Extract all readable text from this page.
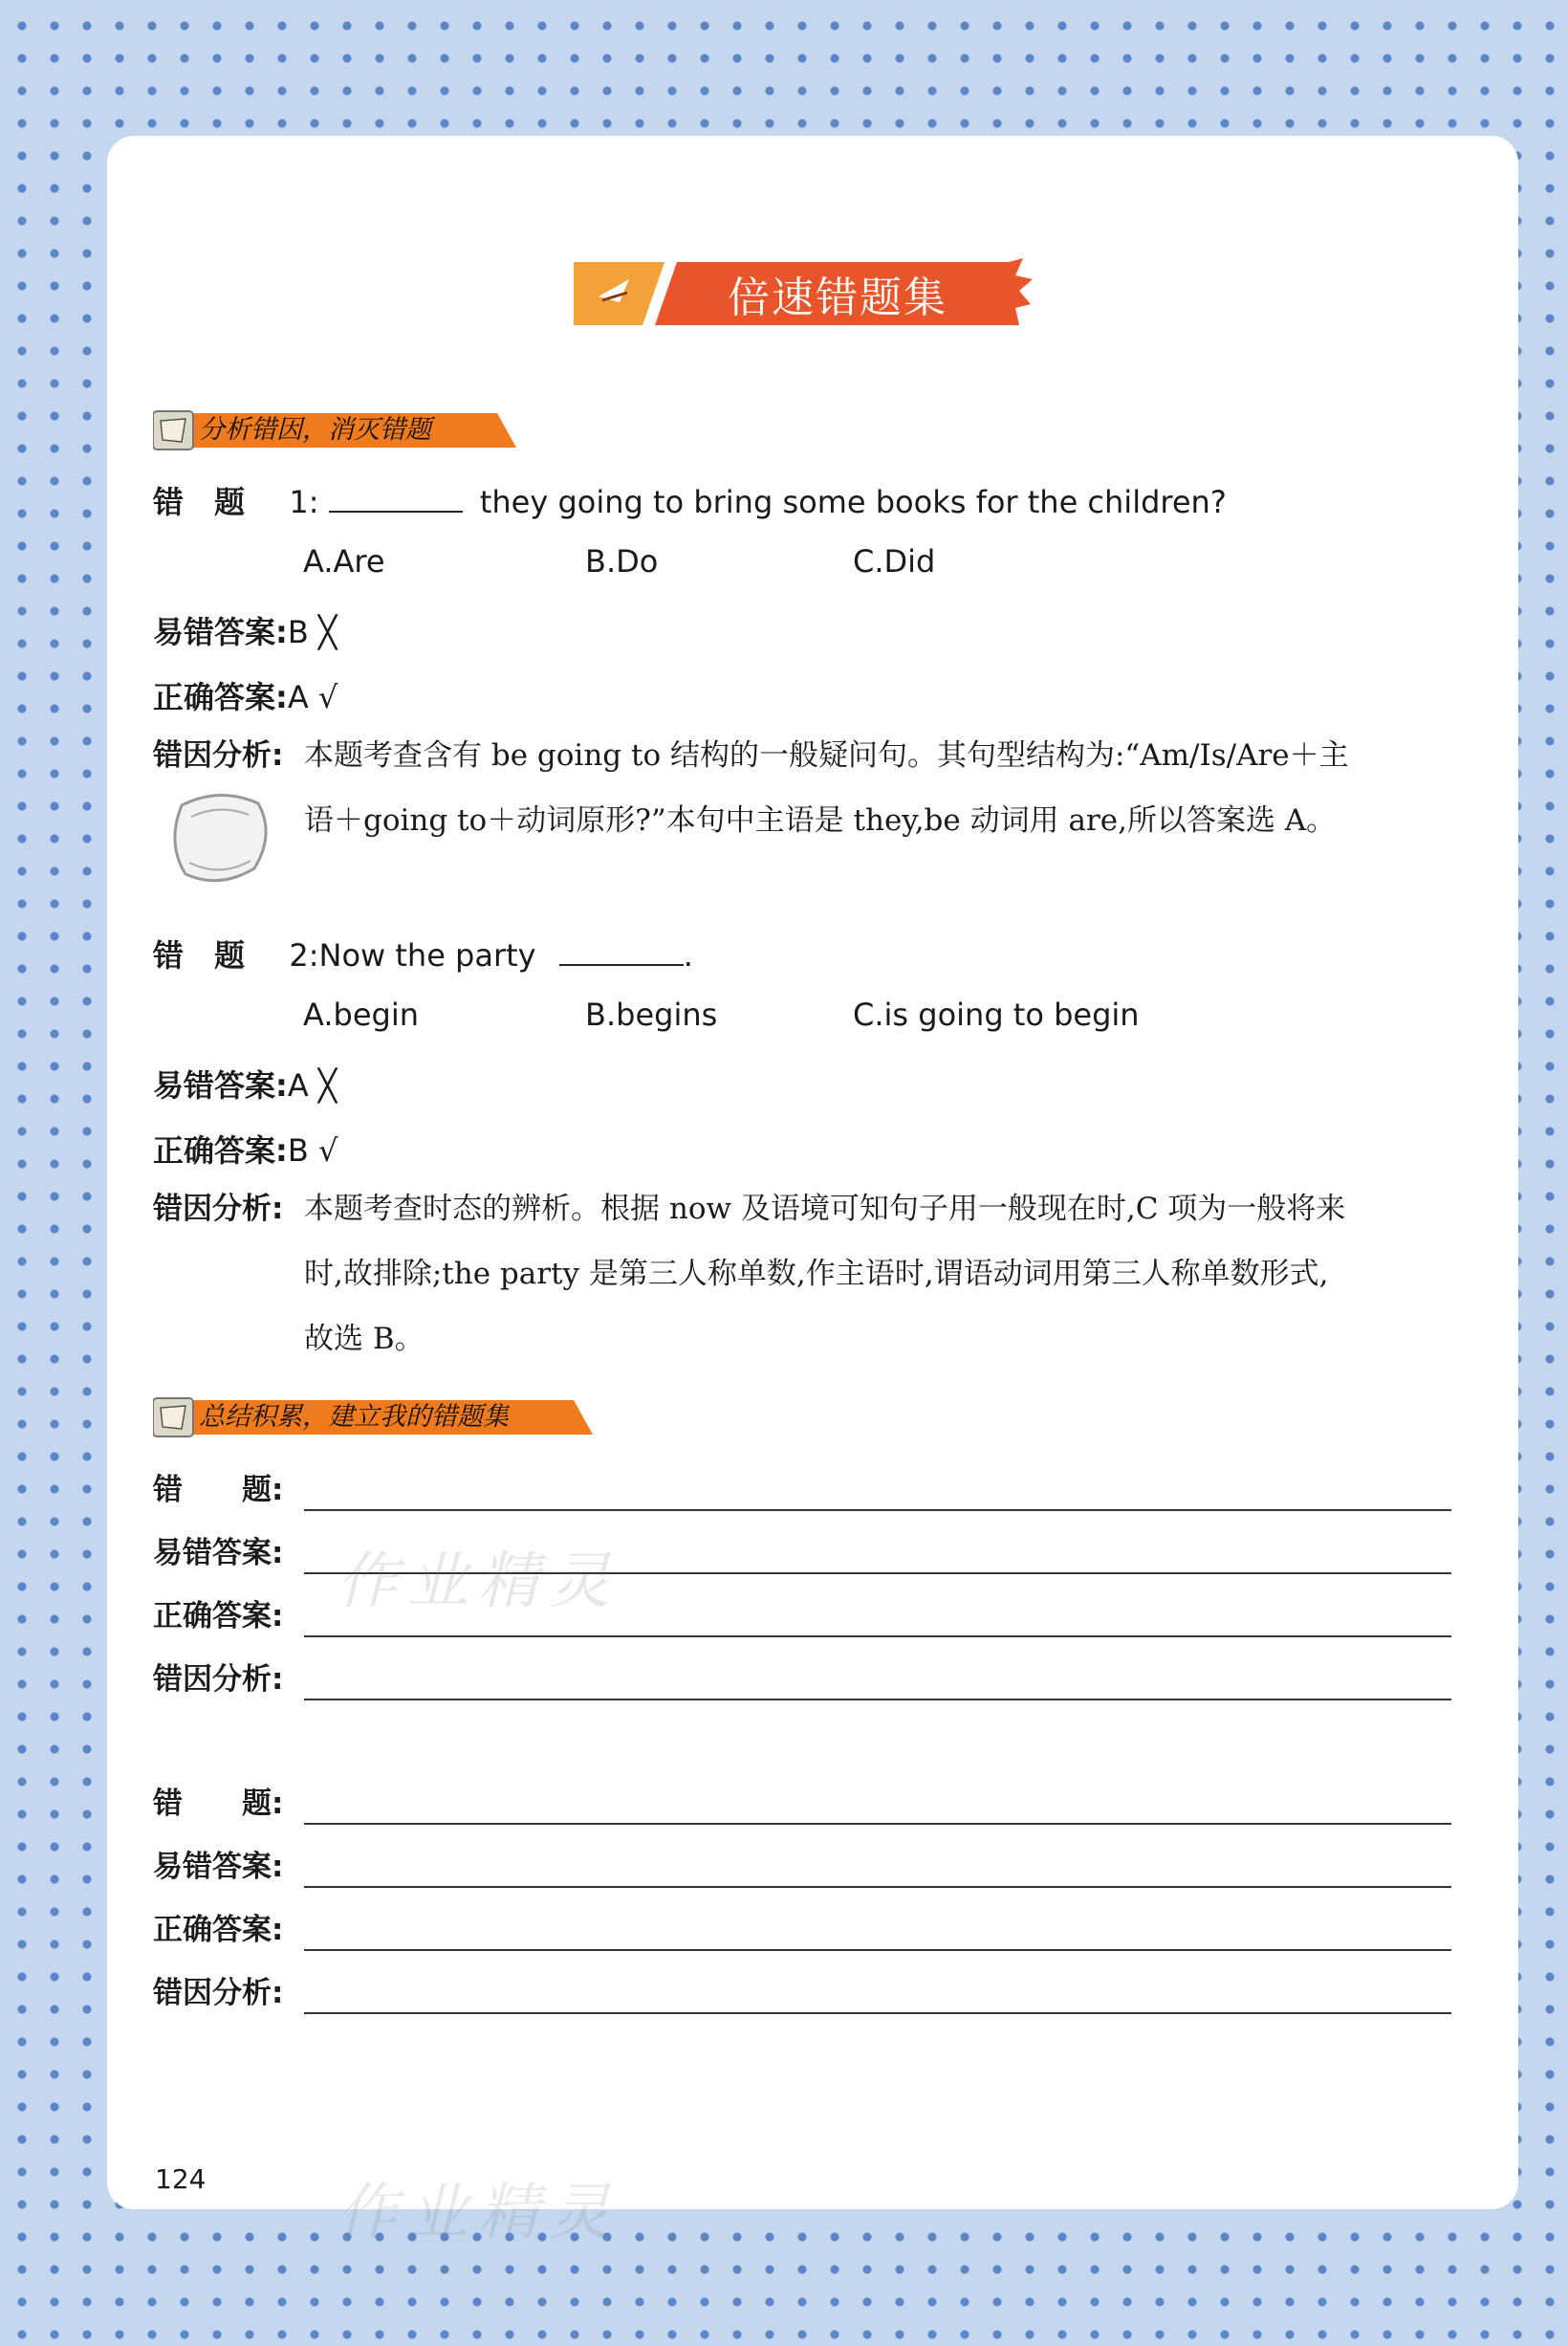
倍速错题集
分析错因，消灭错题
错　题 1:	they going to bring some books for the children?
A.Are	B.Do	C.Did
易错答案:B ╳
正确答案:A √
错因分析: 本题考查含有 be going to 结构的一般疑问句。其句型结构为:“Am/Is/Are＋主
语＋going to＋动词原形?”本句中主语是 they,be 动词用 are,所以答案选 A。
错　题 2:Now the party	.
A.begin	B.begins	C.is going to begin
易错答案:A ╳
正确答案:B √
错因分析: 本题考查时态的辨析。根据 now 及语境可知句子用一般现在时,C 项为一般将来
时,故排除;the party 是第三人称单数,作主语时,谓语动词用第三人称单数形式,
故选 B。
总结积累，建立我的错题集
错　　题:
易错答案:
正确答案:
错因分析:
错　　题:
易错答案:
正确答案:
错因分析:
作业精灵
作业精灵
124
